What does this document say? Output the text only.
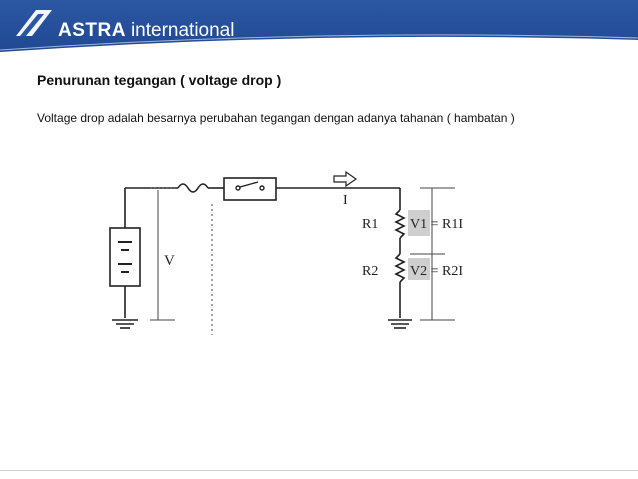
ASTRA international
Penurunan tegangan ( voltage drop )
Voltage drop adalah besarnya perubahan tegangan dengan adanya tahanan ( hambatan )
V
I
R1
R2
V1 = R1I
V2 = R2I
